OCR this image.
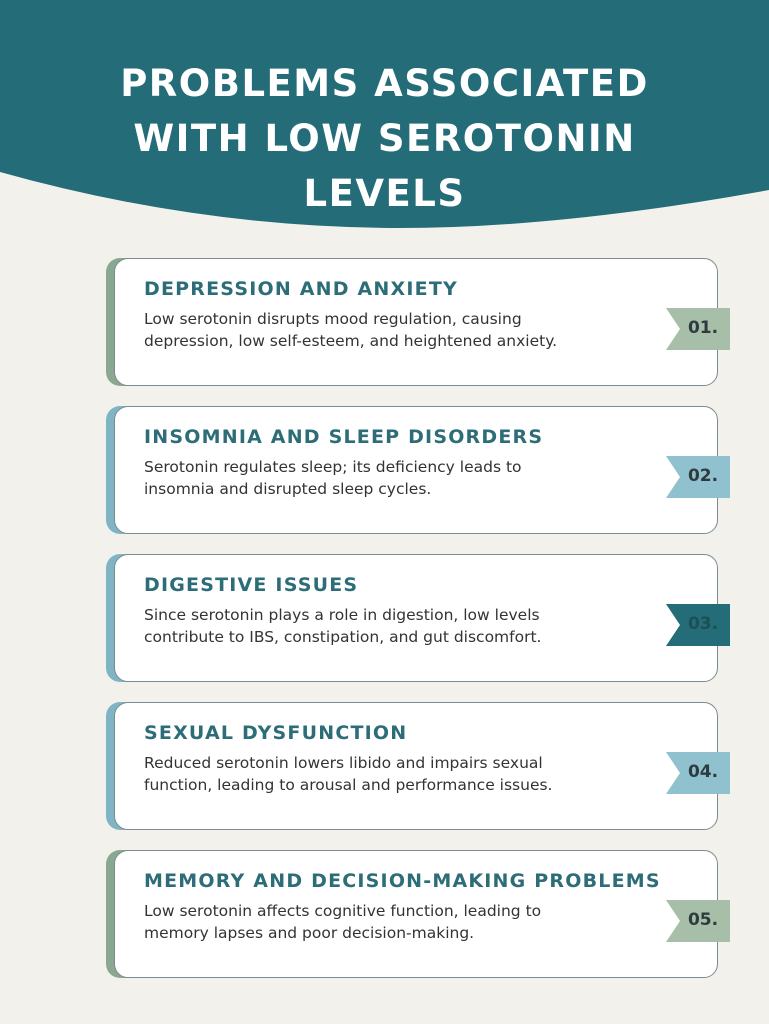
PROBLEMS ASSOCIATED
WITH LOW SEROTONIN
LEVELS
DEPRESSION AND ANXIETY
Low serotonin disrupts mood regulation, causing depression, low self-esteem, and heightened anxiety.
01.
INSOMNIA AND SLEEP DISORDERS
Serotonin regulates sleep; its deficiency leads to insomnia and disrupted sleep cycles.
02.
DIGESTIVE ISSUES
Since serotonin plays a role in digestion, low levels contribute to IBS, constipation, and gut discomfort.
03.
SEXUAL DYSFUNCTION
Reduced serotonin lowers libido and impairs sexual function, leading to arousal and performance issues.
04.
MEMORY AND DECISION-MAKING PROBLEMS
Low serotonin affects cognitive function, leading to memory lapses and poor decision-making.
05.
